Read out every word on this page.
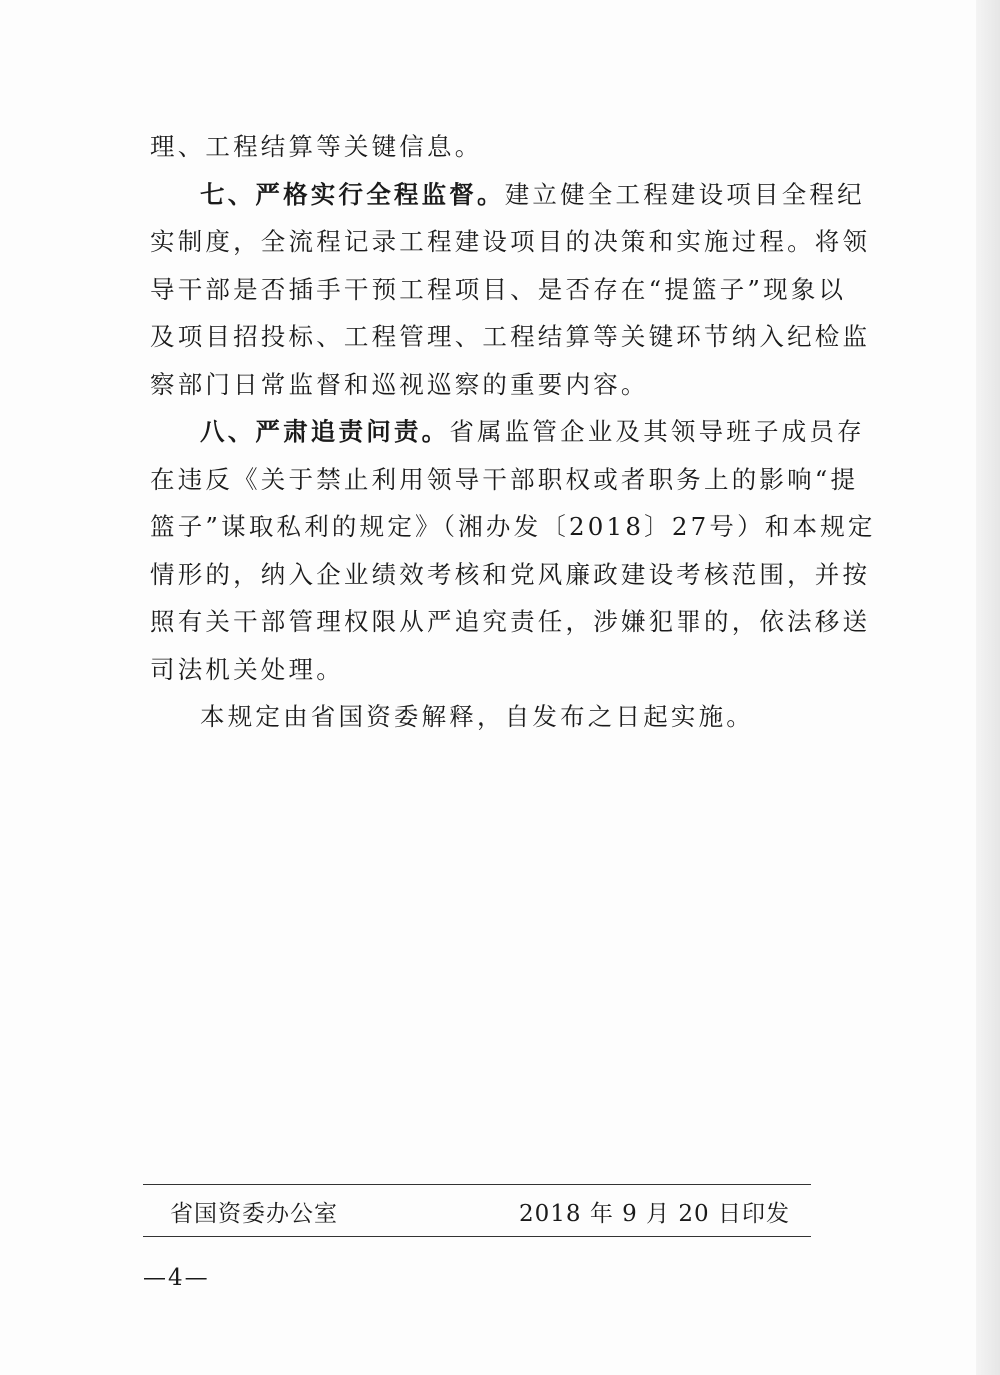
理、工程结算等关键信息。
七、严格实行全程监督。建立健全工程建设项目全程纪
实制度，全流程记录工程建设项目的决策和实施过程。将领
导干部是否插手干预工程项目、是否存在“提篮子”现象以
及项目招投标、工程管理、工程结算等关键环节纳入纪检监
察部门日常监督和巡视巡察的重要内容。
八、严肃追责问责。省属监管企业及其领导班子成员存
在违反《关于禁止利用领导干部职权或者职务上的影响“提
篮子”谋取私利的规定》（湘办发〔2018〕27号）和本规定
情形的，纳入企业绩效考核和党风廉政建设考核范围，并按
照有关干部管理权限从严追究责任，涉嫌犯罪的，依法移送
司法机关处理。
本规定由省国资委解释，自发布之日起实施。
省国资委办公室	2018 年 9 月 20 日印发
—4—
